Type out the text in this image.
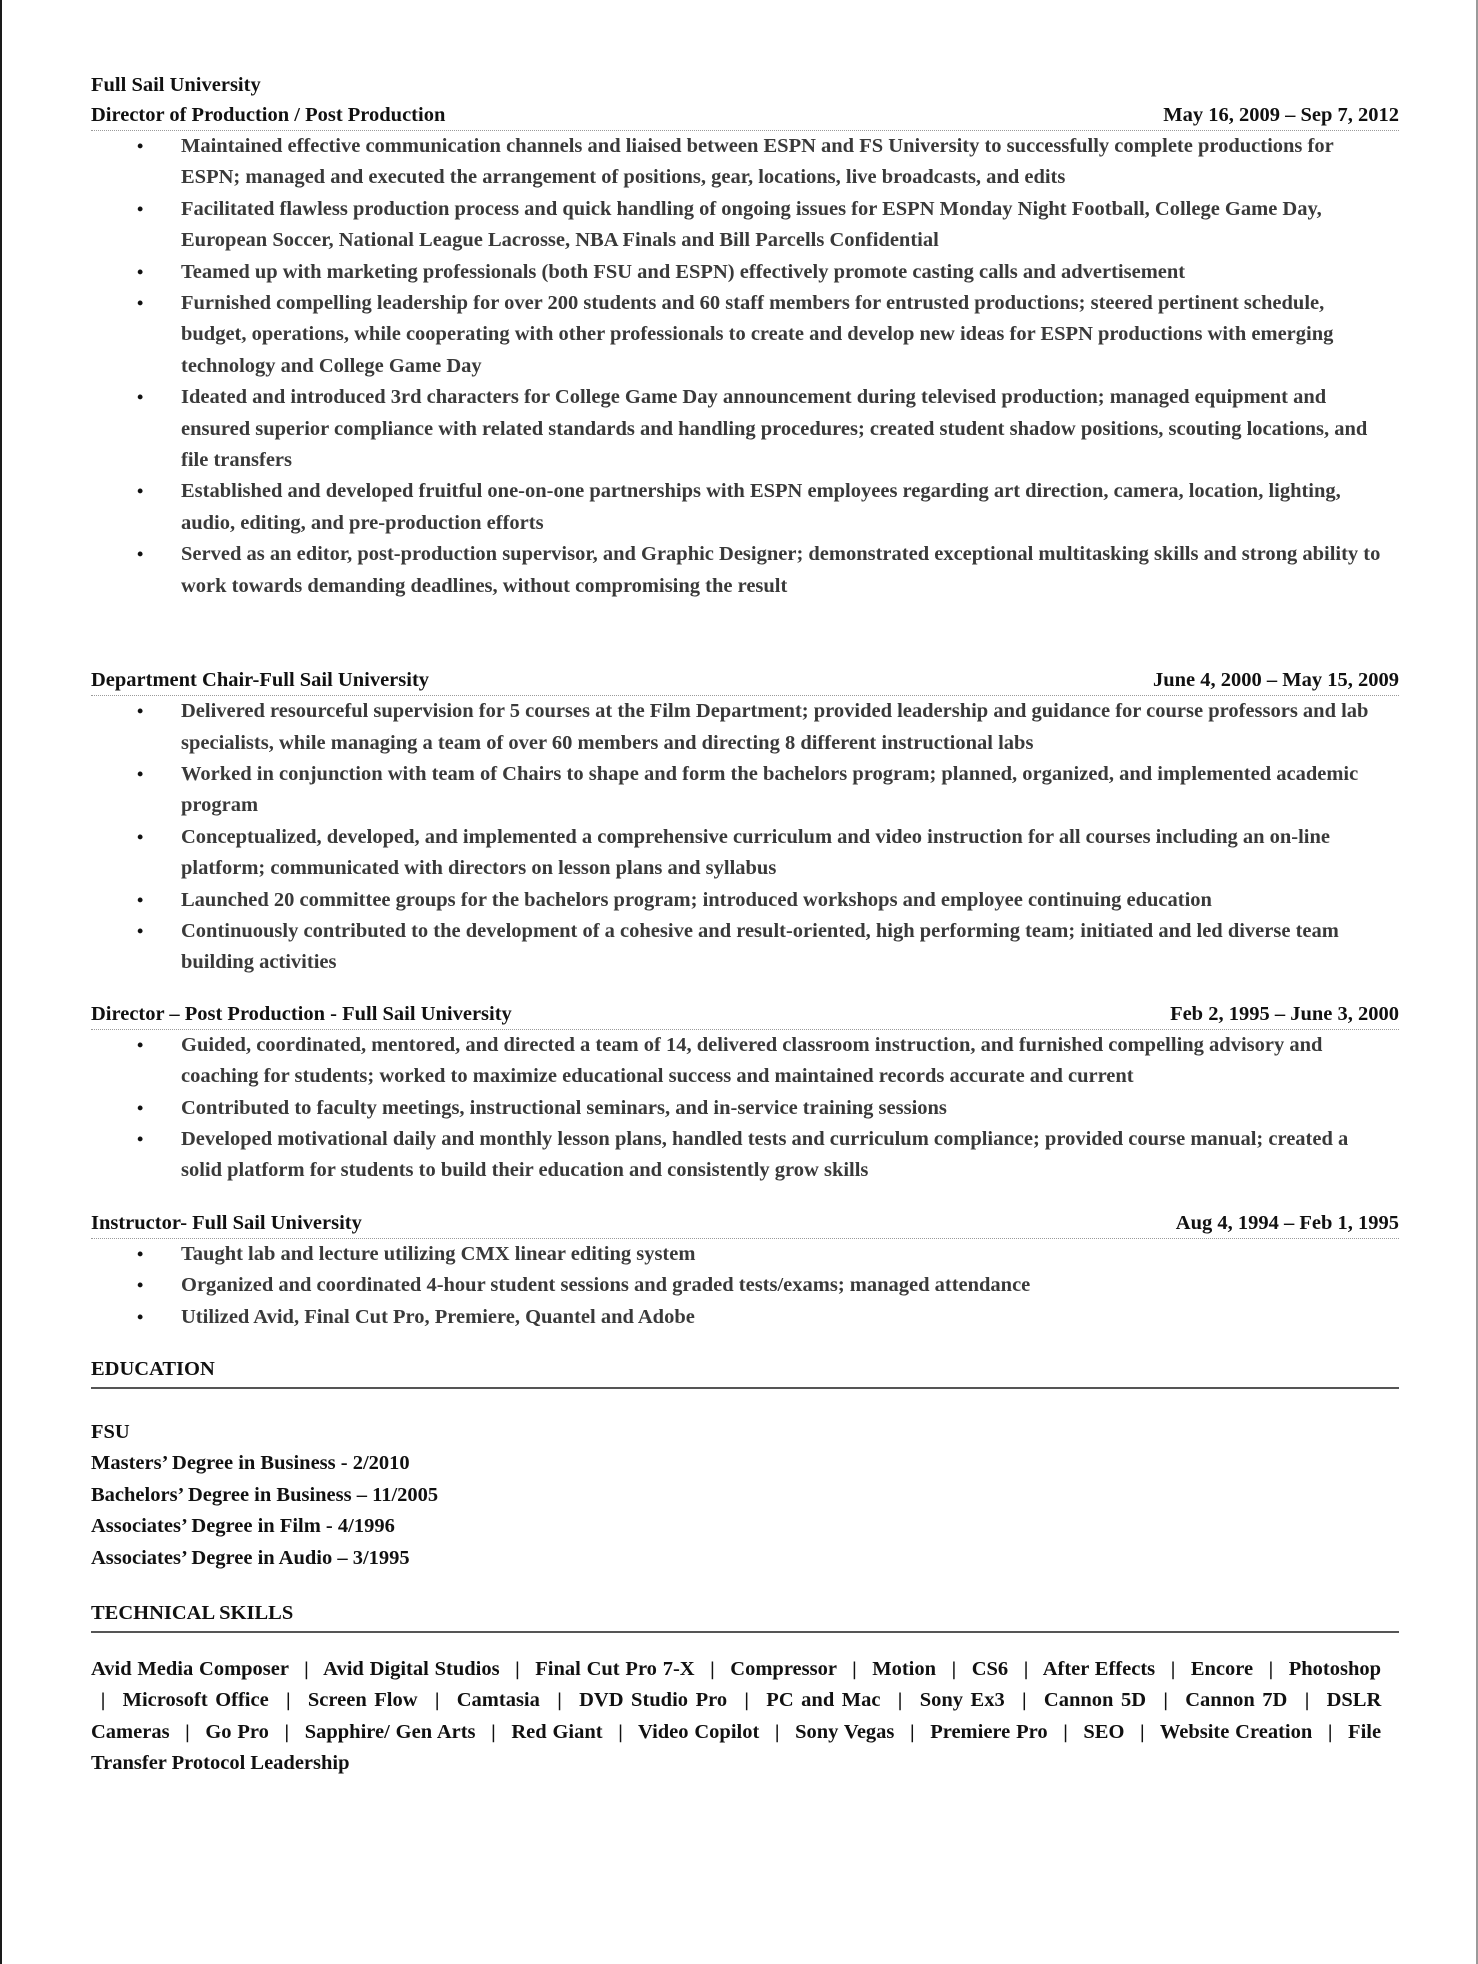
Full Sail University
Director of Production / Post Production	May 16, 2009 – Sep 7, 2012
• Maintained effective communication channels and liaised between ESPN and FS University to successfully complete productions for ESPN; managed and executed the arrangement of positions, gear, locations, live broadcasts, and edits
• Facilitated flawless production process and quick handling of ongoing issues for ESPN Monday Night Football, College Game Day, European Soccer, National League Lacrosse, NBA Finals and Bill Parcells Confidential
• Teamed up with marketing professionals (both FSU and ESPN) effectively promote casting calls and advertisement
• Furnished compelling leadership for over 200 students and 60 staff members for entrusted productions; steered pertinent schedule, budget, operations, while cooperating with other professionals to create and develop new ideas for ESPN productions with emerging technology and College Game Day
• Ideated and introduced 3rd characters for College Game Day announcement during televised production; managed equipment and ensured superior compliance with related standards and handling procedures; created student shadow positions, scouting locations, and file transfers
• Established and developed fruitful one-on-one partnerships with ESPN employees regarding art direction, camera, location, lighting, audio, editing, and pre-production efforts
• Served as an editor, post-production supervisor, and Graphic Designer; demonstrated exceptional multitasking skills and strong ability to work towards demanding deadlines, without compromising the result
Department Chair-Full Sail University	June 4, 2000 – May 15, 2009
• Delivered resourceful supervision for 5 courses at the Film Department; provided leadership and guidance for course professors and lab specialists, while managing a team of over 60 members and directing 8 different instructional labs
• Worked in conjunction with team of Chairs to shape and form the bachelors program; planned, organized, and implemented academic program
• Conceptualized, developed, and implemented a comprehensive curriculum and video instruction for all courses including an on-line platform; communicated with directors on lesson plans and syllabus
• Launched 20 committee groups for the bachelors program; introduced workshops and employee continuing education
• Continuously contributed to the development of a cohesive and result-oriented, high performing team; initiated and led diverse team building activities
Director – Post Production - Full Sail University	Feb 2, 1995 – June 3, 2000
• Guided, coordinated, mentored, and directed a team of 14, delivered classroom instruction, and furnished compelling advisory and coaching for students; worked to maximize educational success and maintained records accurate and current
• Contributed to faculty meetings, instructional seminars, and in-service training sessions
• Developed motivational daily and monthly lesson plans, handled tests and curriculum compliance; provided course manual; created a solid platform for students to build their education and consistently grow skills
Instructor- Full Sail University	Aug 4, 1994 – Feb 1, 1995
• Taught lab and lecture utilizing CMX linear editing system
• Organized and coordinated 4-hour student sessions and graded tests/exams; managed attendance
• Utilized Avid, Final Cut Pro, Premiere, Quantel and Adobe
EDUCATION
FSU
Masters’ Degree in Business - 2/2010
Bachelors’ Degree in Business – 11/2005
Associates’ Degree in Film - 4/1996
Associates’ Degree in Audio – 3/1995
TECHNICAL SKILLS
Avid Media Composer | Avid Digital Studios | Final Cut Pro 7-X | Compressor | Motion | CS6 | After Effects | Encore | Photoshop | Microsoft Office | Screen Flow | Camtasia | DVD Studio Pro | PC and Mac | Sony Ex3 | Cannon 5D | Cannon 7D | DSLR Cameras | Go Pro | Sapphire/ Gen Arts | Red Giant | Video Copilot | Sony Vegas | Premiere Pro | SEO | Website Creation | File Transfer Protocol Leadership
